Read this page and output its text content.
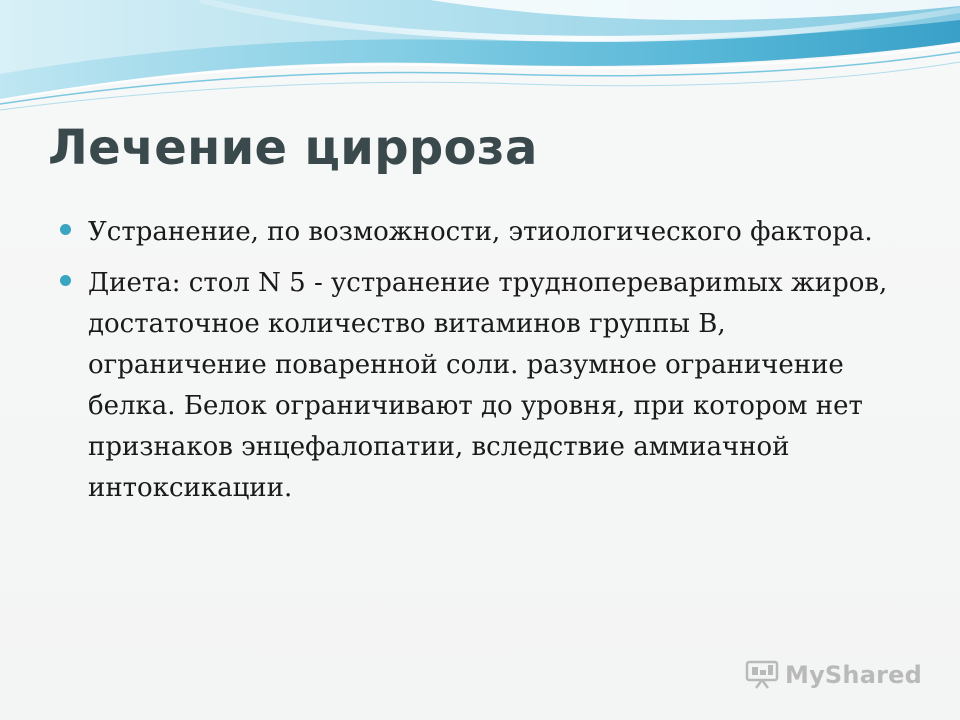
Лечение цирроза
Устранение, по возможности, этиологического фактора.
Диета: стол N 5 - устранение трудноперевариmых жиров, достаточное количество витаминов группы В, ограничение поваренной соли. разумное ограничение белка. Белок ограничивают до уровня, при котором нет признаков энцефалопатии, вследствие аммиачной интоксикации.
MyShared
